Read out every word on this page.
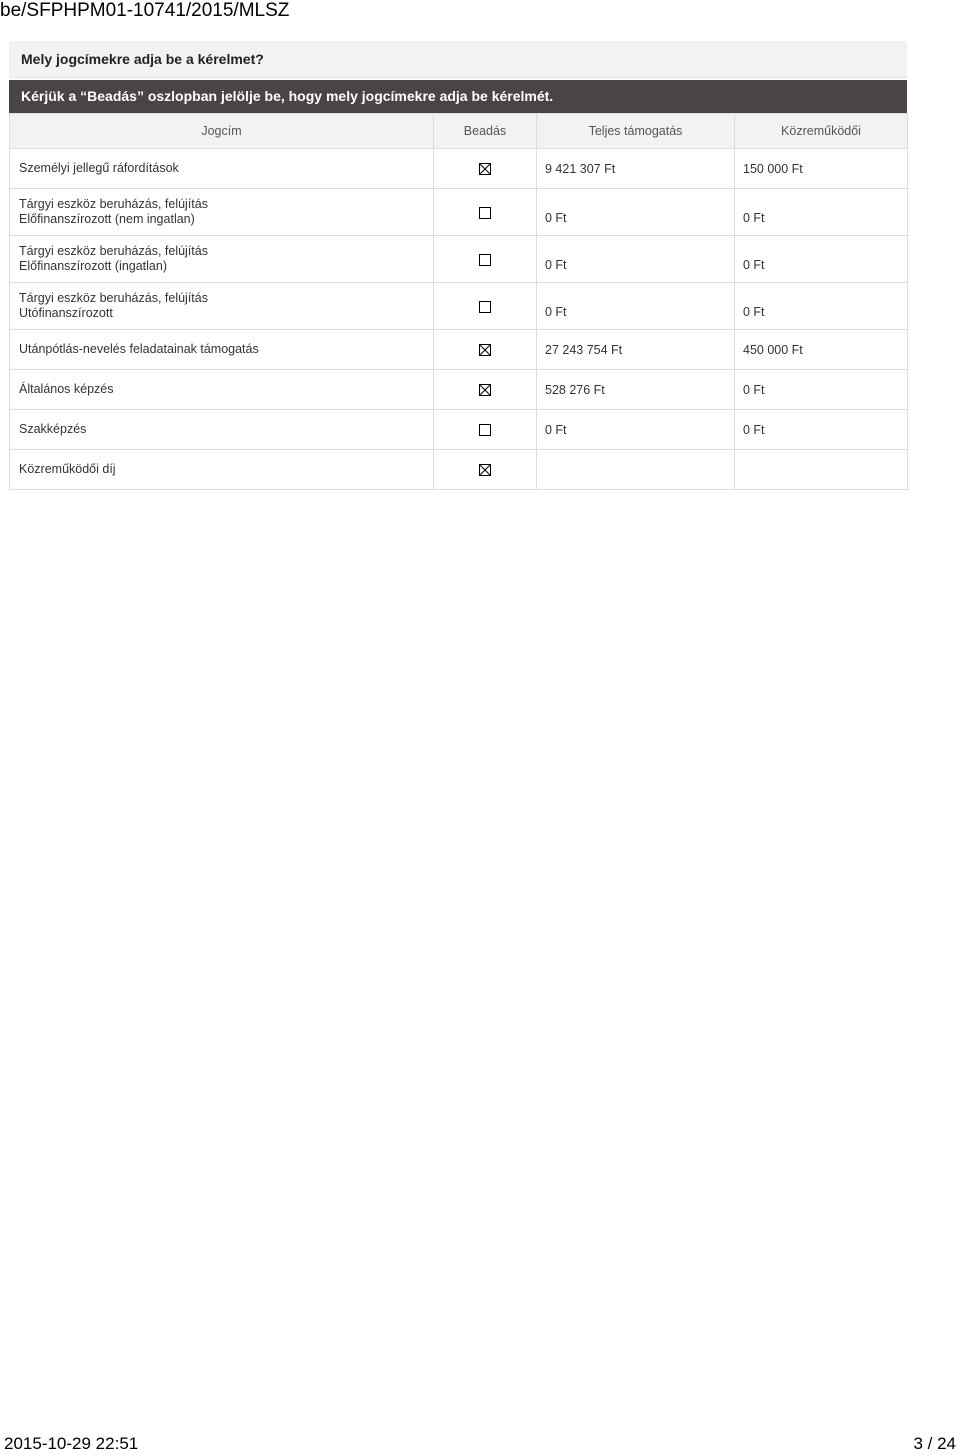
be/SFPHPM01-10741/2015/MLSZ
Mely jogcímekre adja be a kérelmet?
Kérjük a “Beadás” oszlopban jelölje be, hogy mely jogcímekre adja be kérelmét.
Jogcím	Beadás	Teljes támogatás	Közreműködői

Személyi jellegű ráfordítások		9 421 307 Ft	150 000 Ft

Tárgyi eszköz beruházás, felújítás
Előfinanszírozott (nem ingatlan)		0 Ft	0 Ft

Tárgyi eszköz beruházás, felújítás
Előfinanszírozott (ingatlan)		0 Ft	0 Ft

Tárgyi eszköz beruházás, felújítás
Utófinanszírozott		0 Ft	0 Ft

Utánpótlás-nevelés feladatainak támogatás		27 243 754 Ft	450 000 Ft

Általános képzés		528 276 Ft	0 Ft

Szakképzés		0 Ft	0 Ft

Közreműködői díj

2015-10-29 22:51	3 / 24
